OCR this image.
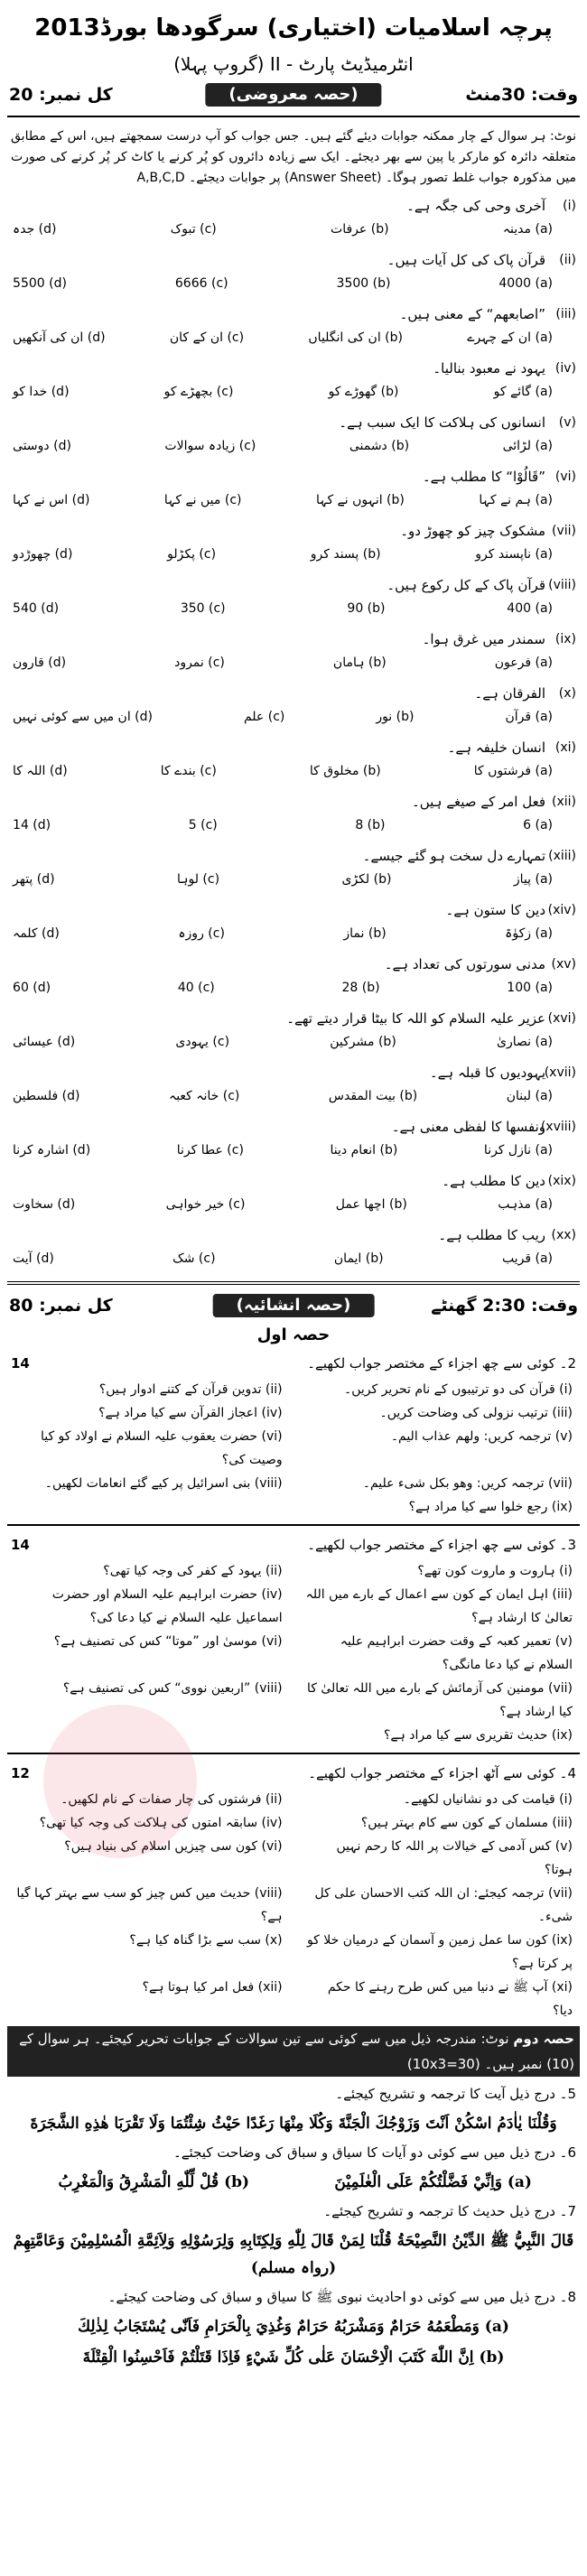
پرچہ اسلامیات (اختیاری) سرگودھا بورڈ2013
انٹرمیڈیٹ پارٹ - II (گروپ پہلا)
وقت: 30منٹ
(حصہ معروضی)
کل نمبر: 20
نوٹ: ہر سوال کے چار ممکنہ جوابات دیئے گئے ہیں۔ جس جواب کو آپ درست سمجھتے ہیں، اس کے مطابق متعلقہ دائرہ کو مارکر یا پین سے بھر دیجئے۔ ایک سے زیادہ دائروں کو پُر کرنے یا کاٹ کر پُر کرنے کی صورت میں مذکورہ جواب غلط تصور ہوگا۔ (Answer Sheet) پر جوابات دیجئے۔ A,B,C,D
(i)
آخری وحی کی جگہ ہے۔
(a) مدینہ
(b) عرفات
(c) تبوک
(d) جدہ
(ii)
قرآن پاک کی کل آیات ہیں۔
(a) 4000
(b) 3500
(c) 6666
(d) 5500
(iii)
”اصابعھم“ کے معنی ہیں۔
(a) ان کے چہرے
(b) ان کی انگلیاں
(c) ان کے کان
(d) ان کی آنکھیں
(iv)
یہود نے معبود بنالیا۔
(a) گائے کو
(b) گھوڑے کو
(c) بچھڑے کو
(d) خدا کو
(v)
انسانوں کی ہلاکت کا ایک سبب ہے۔
(a) لڑائی
(b) دشمنی
(c) زیادہ سوالات
(d) دوستی
(vi)
”قَالُوْا“ کا مطلب ہے۔
(a) ہم نے کہا
(b) انہوں نے کہا
(c) میں نے کہا
(d) اس نے کہا
(vii)
مشکوک چیز کو چھوڑ دو۔
(a) ناپسند کرو
(b) پسند کرو
(c) پکڑلو
(d) چھوڑدو
(viii)
قرآن پاک کے کل رکوع ہیں۔
(a) 400
(b) 90
(c) 350
(d) 540
(ix)
سمندر میں غرق ہوا۔
(a) فرعون
(b) ہامان
(c) نمرود
(d) قارون
(x)
الفرقان ہے۔
(a) قرآن
(b) نور
(c) علم
(d) ان میں سے کوئی نہیں
(xi)
انسان خلیفہ ہے۔
(a) فرشتوں کا
(b) مخلوق کا
(c) بندے کا
(d) اللہ کا
(xii)
فعل امر کے صیغے ہیں۔
(a) 6
(b) 8
(c) 5
(d) 14
(xiii)
تمہارے دل سخت ہو گئے جیسے۔
(a) پیاز
(b) لکڑی
(c) لوہا
(d) پتھر
(xiv)
دین کا ستون ہے۔
(a) زکوٰۃ
(b) نماز
(c) روزہ
(d) کلمہ
(xv)
مدنی سورتوں کی تعداد ہے۔
(a) 100
(b) 28
(c) 40
(d) 60
(xvi)
عزیر علیہ السلام کو اللہ کا بیٹا قرار دیتے تھے۔
(a) نصاریٰ
(b) مشرکین
(c) یہودی
(d) عیسائی
(xvii)
یہودیوں کا قبلہ ہے۔
(a) لبنان
(b) بیت المقدس
(c) خانہ کعبہ
(d) فلسطین
(xviii)
ونفسھا کا لفظی معنی ہے۔
(a) نازل کرنا
(b) انعام دینا
(c) عطا کرنا
(d) اشارہ کرنا
(xix)
دین کا مطلب ہے۔
(a) مذہب
(b) اچھا عمل
(c) خیر خواہی
(d) سخاوت
(xx)
ریب کا مطلب ہے۔
(a) قریب
(b) ایمان
(c) شک
(d) آیت
وقت: 2:30 گھنٹے
(حصہ انشائیہ)
کل نمبر: 80
حصہ اول
14	2۔ کوئی سے چھ اجزاء کے مختصر جواب لکھیے۔
(i) قرآن کی دو ترتیبوں کے نام تحریر کریں۔
(ii) تدوین قرآن کے کتنے ادوار ہیں؟
(iii) ترتیب نزولی کی وضاحت کریں۔
(iv) اعجاز القرآن سے کیا مراد ہے؟
(v) ترجمہ کریں: ولھم عذاب الیم۔
(vi) حضرت یعقوب علیہ السلام نے اولاد کو کیا وصیت کی؟
(vii) ترجمہ کریں: وھو بکل شیء علیم۔
(viii) بنی اسرائیل پر کیے گئے انعامات لکھیں۔
(ix) رجع خلوا سے کیا مراد ہے؟
14	3۔ کوئی سے چھ اجزاء کے مختصر جواب لکھیے۔
(i) ہاروت و ماروت کون تھے؟
(ii) یہود کے کفر کی وجہ کیا تھی؟
(iii) اہل ایمان کے کون سے اعمال کے بارے میں اللہ تعالیٰ کا ارشاد ہے؟
(iv) حضرت ابراہیم علیہ السلام اور حضرت اسماعیل علیہ السلام نے کیا دعا کی؟
(v) تعمیر کعبہ کے وقت حضرت ابراہیم علیہ السلام نے کیا دعا مانگی؟
(vi) موسیٰ اور ”موتا“ کس کی تصنیف ہے؟
(vii) مومنین کی آزمائش کے بارے میں اللہ تعالیٰ کا کیا ارشاد ہے؟
(viii) ”اربعین نووی“ کس کی تصنیف ہے؟
(ix) حدیث تقریری سے کیا مراد ہے؟
12	4۔ کوئی سے آٹھ اجزاء کے مختصر جواب لکھیے۔
(i) قیامت کی دو نشانیاں لکھیے۔
(ii) فرشتوں کی چار صفات کے نام لکھیں۔
(iii) مسلمان کے کون سے کام بہتر ہیں؟
(iv) سابقہ امتوں کی ہلاکت کی وجہ کیا تھی؟
(v) کس آدمی کے خیالات پر اللہ کا رحم نہیں ہوتا؟
(vi) کون سی چیزیں اسلام کی بنیاد ہیں؟
(vii) ترجمہ کیجئے: ان اللہ کتب الاحسان علی کل شیء۔
(viii) حدیث میں کس چیز کو سب سے بہتر کہا گیا ہے؟
(ix) کون سا عمل زمین و آسمان کے درمیان خلا کو پر کرتا ہے؟
(x) سب سے بڑا گناہ کیا ہے؟
(xi) آپ ﷺ نے دنیا میں کس طرح رہنے کا حکم دیا؟
(xii) فعل امر کیا ہوتا ہے؟
حصہ دوم نوٹ: مندرجہ ذیل میں سے کوئی سے تین سوالات کے جوابات تحریر کیجئے۔ ہر سوال کے (10) نمبر ہیں۔ (10x3=30)
5۔ درج ذیل آیت کا ترجمہ و تشریح کیجئے۔
وَقُلْنَا يٰاٰدَمُ اسْكُنْ اَنْتَ وَزَوْجُكَ الْجَنَّةَ وَكُلَا مِنْهَا رَغَدًا حَيْثُ شِئْتُمَا وَلَا تَقْرَبَا هٰذِهِ الشَّجَرَةَ
6۔ درج ذیل میں سے کوئی دو آیات کا سیاق و سباق کی وضاحت کیجئے۔
(a) وَاِنِّيْ فَضَّلْتُكُمْ عَلَى الْعٰلَمِيْنَ
(b) قُلْ لِّلّٰهِ الْمَشْرِقُ وَالْمَغْرِبُ
7۔ درج ذیل حدیث کا ترجمہ و تشریح کیجئے۔
قَالَ النَّبِيُّ ﷺ الدِّيْنُ النَّصِيْحَةُ قُلْنَا لِمَنْ قَالَ لِلّٰهِ وَلِكِتَابِهِ وَلِرَسُوْلِهِ وَلِاَئِمَّةِ الْمُسْلِمِيْنَ وَعَامَّتِهِمْ (رواہ مسلم)
8۔ درج ذیل میں سے کوئی دو احادیث نبوی ﷺ کا سیاق و سباق کی وضاحت کیجئے۔
(a) وَمَطْعَمُهُ حَرَامٌ وَمَشْرَبُهُ حَرَامٌ وَغُذِيَ بِالْحَرَامِ فَاَنّٰى يُسْتَجَابُ لِذٰلِكَ
(b) اِنَّ اللّٰهَ كَتَبَ الْاِحْسَانَ عَلٰى كُلِّ شَيْءٍ فَاِذَا قَتَلْتُمْ فَاَحْسِنُوا الْقِتْلَةَ
